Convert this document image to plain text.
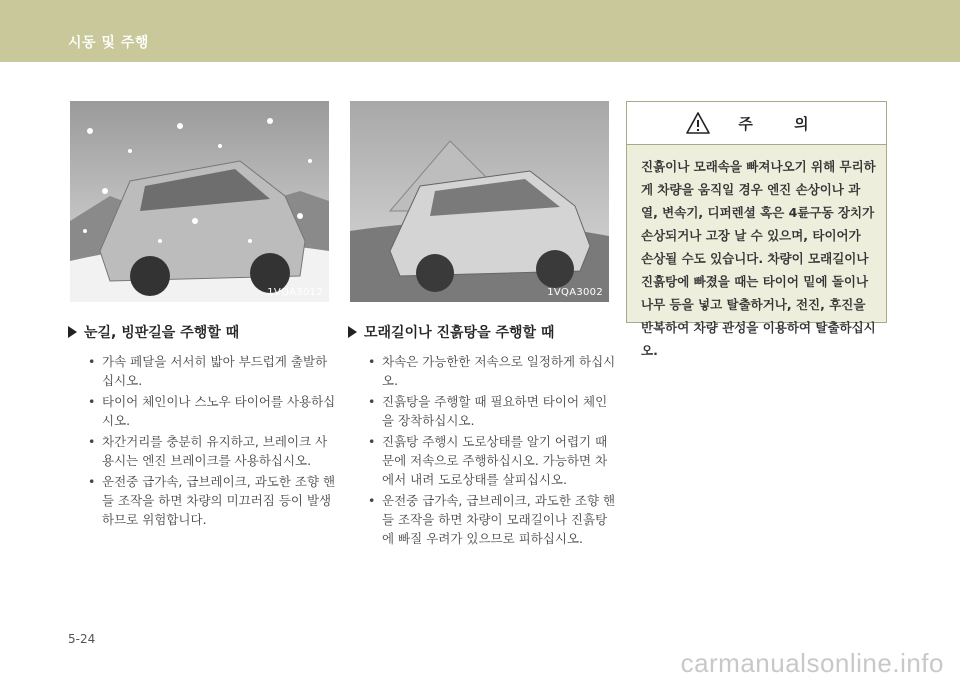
시동 및 주행
1VQA3012	1VQA3002
눈길, 빙판길을 주행할 때
• 가속 페달을 서서히 밟아 부드럽게 출발하십시오.
• 타이어 체인이나 스노우 타이어를 사용하십시오.
• 차간거리를 충분히 유지하고, 브레이크 사용시는 엔진 브레이크를 사용하십시오.
• 운전중 급가속, 급브레이크, 과도한 조향 핸들 조작을 하면 차량의 미끄러짐 등이 발생하므로 위험합니다.
모래길이나 진흙탕을 주행할 때
• 차속은 가능한한 저속으로 일정하게 하십시오.
• 진흙탕을 주행할 때 필요하면 타이어 체인을 장착하십시오.
• 진흙탕 주행시 도로상태를 알기 어렵기 때문에 저속으로 주행하십시오. 가능하면 차에서 내려 도로상태를 살피십시오.
• 운전중 급가속, 급브레이크, 과도한 조향 핸들 조작을 하면 차량이 모래길이나 진흙탕에 빠질 우려가 있으므로 피하십시오.
주 의
진흙이나 모래속을 빠져나오기 위해 무리하게 차량을 움직일 경우 엔진 손상이나 과열, 변속기, 디퍼렌셜 혹은 4륜구동 장치가 손상되거나 고장 날 수 있으며, 타이어가 손상될 수도 있습니다. 차량이 모래길이나 진흙탕에 빠졌을 때는 타이어 밑에 돌이나 나무 등을 넣고 탈출하거나, 전진, 후진을 반복하여 차량 관성을 이용하여 탈출하십시오.
5-24
carmanualsonline.info
